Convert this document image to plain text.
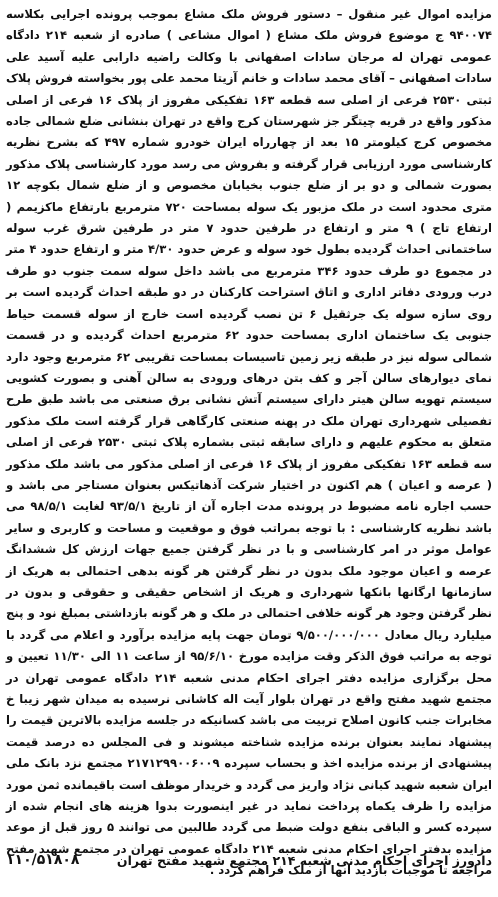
مزایده اموال غیر منقول – دستور فروش ملک مشاع بموجب پرونده اجرایی بکلاسه ۹۴۰۰۷۴ ج موضوع فروش ملک مشاع ( اموال مشاعی ) صادره از شعبه ۲۱۴ دادگاه عمومی تهران له مرجان سادات اصفهانی با وکالت راضیه دارابی علیه آسید علی سادات اصفهانی – آقای محمد سادات و خانم آزیتا محمد علی پور بخواسته فروش پلاک ثبتی ۲۵۳۰ فرعی از اصلی سه قطعه ۱۶۳ تفکیکی مفروز از پلاک ۱۶ فرعی از اصلی مذکور واقع در قریه چیتگر جز شهرستان کرج واقع در تهران بنشانی ضلع شمالی جاده مخصوص کرج کیلومتر ۱۵ بعد از چهارراه ایران خودرو شماره ۴۹۷ که بشرح نظریه کارشناسی مورد ارزیابی قرار گرفته و بفروش می رسد مورد کارشناسی پلاک مذکور بصورت شمالی و دو بر از ضلع جنوب بخیابان مخصوص و از ضلع شمال بکوچه ۱۲ متری محدود است در ملک مزبور یک سوله بمساحت ۷۲۰ مترمربع بارتفاع ماکزیمم ( ارتفاع تاج ) ۹ متر و ارتفاع در طرفین حدود ۷ متر در طرفین شرق غرب سوله ساختمانی احداث گردیده بطول خود سوله و عرض حدود ۴/۳۰ متر و ارتفاع حدود ۴ متر در مجموع دو طرف حدود ۳۴۶ مترمربع می باشد داخل سوله سمت جنوب دو طرف درب ورودی دفاتر اداری و اتاق استراحت کارکنان در دو طبقه احداث گردیده است بر روی سازه سوله یک جرثقیل ۶ تن نصب گردیده است خارج از سوله قسمت حیاط جنوبی یک ساختمان اداری بمساحت حدود ۶۲ مترمربع احداث گردیده و در قسمت شمالی سوله نیز در طبقه زیر زمین تاسیسات بمساحت تقریبی ۶۲ مترمربع وجود دارد نمای دیوارهای سالن آجر و کف بتن درهای ورودی به سالن آهنی و بصورت کشویی سیستم تهویه سالن هیتر دارای سیستم آتش نشانی برق صنعتی می باشد طبق طرح تفصیلی شهرداری تهران ملک در پهنه صنعتی کارگاهی قرار گرفته است ملک مذکور متعلق به محکوم علیهم و دارای سابقه ثبتی بشماره پلاک ثبتی ۲۵۳۰ فرعی از اصلی سه قطعه ۱۶۳ تفکیکی مفروز از پلاک ۱۶ فرعی از اصلی مذکور می باشد ملک مذکور ( عرصه و اعیان ) هم اکنون در اختیار شرکت آذهاتیکس بعنوان مستاجر می باشد و حسب اجاره نامه مضبوط در پرونده مدت اجاره آن از تاریخ ۹۳/۵/۱ لغایت ۹۸/۵/۱ می باشد نظریه کارشناسی : با توجه بمراتب فوق و موقعیت و مساحت و کاربری و سایر عوامل موثر در امر کارشناسی و با در نظر گرفتن جمیع جهات ارزش کل ششدانگ عرصه و اعیان موجود ملک بدون در نظر گرفتن هر گونه بدهی احتمالی به هریک از سازمانها ارگانها بانکها شهرداری و هریک از اشخاص حقیقی و حقوقی و بدون در نظر گرفتن وجود هر گونه خلافی احتمالی در ملک و هر گونه بازداشتی بمبلغ نود و پنج میلیارد ریال معادل ۹/۵۰۰/۰۰۰/۰۰۰ تومان جهت پایه مزایده برآورد و اعلام می گردد با توجه به مراتب فوق الذکر وقت مزایده مورخ ۹۵/۶/۱۰ از ساعت ۱۱ الی ۱۱/۳۰ تعیین و محل برگزاری مزایده دفتر اجرای احکام مدنی شعبه ۲۱۴ دادگاه عمومی تهران در مجتمع شهید مفتح واقع در تهران بلوار آیت اله کاشانی نرسیده به میدان شهر زیبا خ مخابرات جنب کانون اصلاح تربیت می باشد کسانیکه در جلسه مزایده بالاترین قیمت را پیشنهاد نمایند بعنوان برنده مزایده شناخته میشوند و فی المجلس ده درصد قیمت پیشنهادی از برنده مزایده اخذ و بحساب سپرده ۲۱۷۱۲۹۹۰۰۶۰۰۹ مجتمع نزد بانک ملی ایران شعبه شهید کبانی نژاد واریز می گردد و خریدار موظف است باقیمانده ثمن مورد مزایده را ظرف یکماه پرداخت نماید در غیر اینصورت بدوا هزینه های انجام شده از سپرده کسر و الباقی بنفع دولت ضبط می گردد طالبین می توانند ۵ روز قبل از موعد مزایده بدفتر اجرای احکام مدنی شعبه ۲۱۴ دادگاه عمومی تهران در مجتمع شهید مفتح مراجعه تا موجبات بازدید آنها از ملک فراهم گردد .

دادورز اجرای احکام مدنی شعبه ۲۱۴ مجتمع شهید مفتح تهران
۱۱۰/۵۱۸۰۸
